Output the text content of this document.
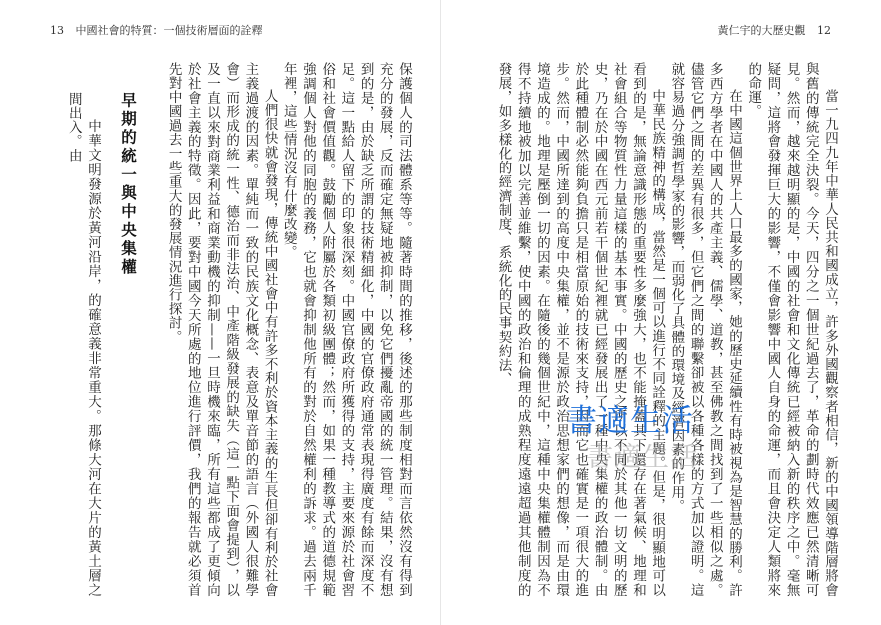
13 中國社會的特質：一個技術層面的詮釋

保護個人的司法體系等等。隨著時間的推移，後述的那些制度相對而言依然沒有得到充分的發展，反而確定無疑地被抑制，以免它們擾亂帝國的統一管理。結果，沒有想到的是，由於缺乏所謂的技術精細化，中國的官僚政府通常表現得廣度有餘而深度不足。這一點給人留下的印象很深刻。中國官僚政府所獲得的支持，主要來源於社會習俗和社會價值觀。鼓勵個人附屬於各類初級團體；然而，如果一種教導式的道德規範強調個人對他的同胞的義務，它也就會抑制他所有的對於自然權利的訴求。過去兩千年裡，這些情況沒有什麼改變。

人們很快就會發現，傳統中國社會中有許多不利於資本主義的生長但卻有利於社會主義過渡的因素。單純而一致的民族文化概念、表意及單音節的語言（外國人很難學會）而形成的統一性、德治而非法治、中產階級發展的缺失（這一點下面會提到），以及一直以來對商業利益和商業動機的抑制——一旦時機來臨，所有這些都成了更傾向於社會主義的特徵。因此，要對中國今天所處的地位進行評價，我們的報告就必須首先對中國過去一些重大的發展情況進行探討。

早期的統一與中央集權

中華文明發源於黃河沿岸，的確意義非常重大。那條大河在大片的黃土層之間出入。由

黃仁宇的大歷史觀 12

當一九四九年中華人民共和國成立，許多外國觀察者相信，新的中國領導階層將會與舊的傳統完全決裂。今天，四分之一個世紀過去了，革命的劃時代效應已然清晰可見。然而，越來越明顯的是，中國的社會和文化傳統已經被納入新的秩序之中。毫無疑問，這將會發揮巨大的影響，不僅會影響中國人自身的命運，而且會決定人類將來的命運。

在中國這個世界上人口最多的國家，她的歷史延續性有時被視為是智慧的勝利。許多西方學者在中國人的共產主義、儒學、道教，甚至佛教之間找到了一些相似之處。儘管它們之間的差異有很多，但它們之間的聯繫卻被以各種各樣的方式加以證明。這就容易過分強調哲學家的影響，而弱化了具體的環境及經濟因素的作用。

中華民族精神的構成，當然是一個可以進行不同詮釋的主題。但是，很明顯地可以看到的是，無論意識形態的重要性多麼強大，也不能掩蓋其下還存在著氣候、地理和社會組合等物質性力量這樣的基本事實。中國的歷史之所以不同於其他一切文明的歷史，乃在於中國在西元前若干個世紀裡就已經發展出了一種中央集權的政治體制。由於此種體制必然能夠負擔只是相當原始的技術來支持，因而它也確實是一項很大的進步。然而，中國所達到的高度中央集權，並不是源於政治思想家們的想像，而是由環境造成的。地理是壓倒一切的因素。在隨後的幾個世紀中，這種中央集權體制因為不得不持續地被加以完善並維繫，使中國的政治和倫理的成熟程度遠遠超過其他制度的發展，如多樣化的經濟制度、系統化的民事契約法、

書適生活
書適生活
